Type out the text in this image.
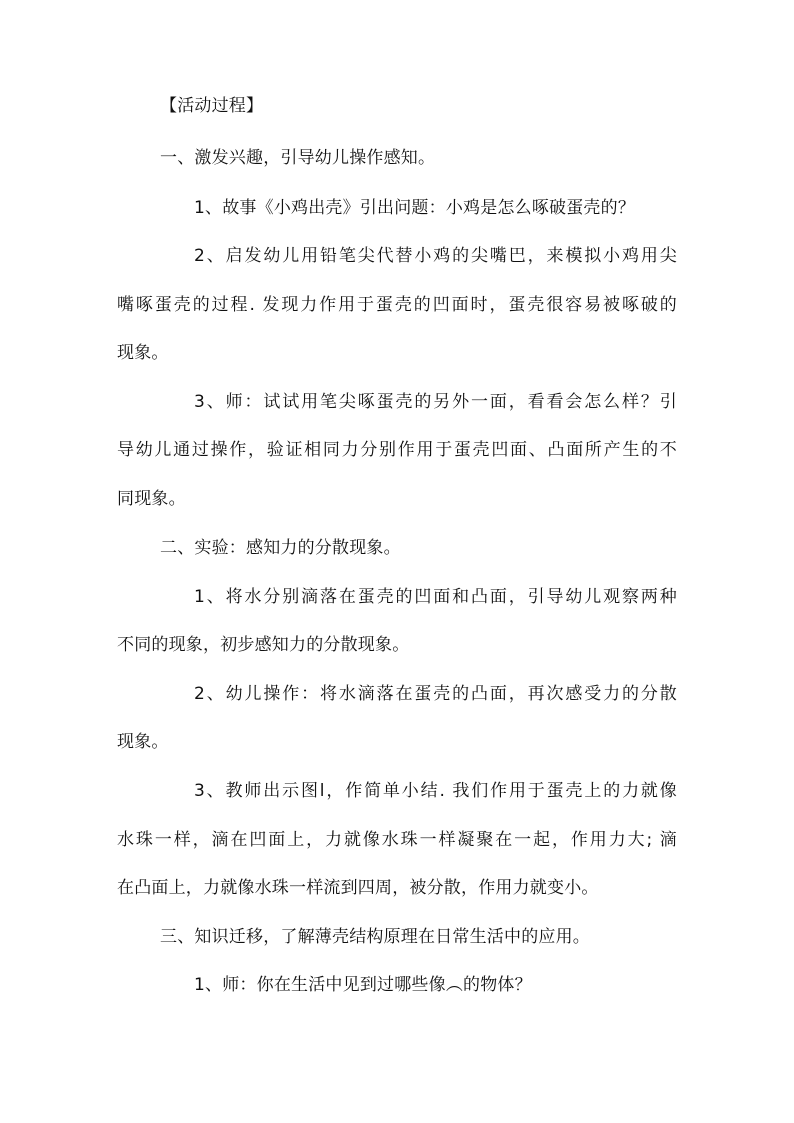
【活动过程】
一、激发兴趣，引导幼儿操作感知。
1、故事《小鸡出壳》引出问题：小鸡是怎么啄破蛋壳的？
2、启发幼儿用铅笔尖代替小鸡的尖嘴巴，来模拟小鸡用尖
嘴啄蛋壳的过程. 发现力作用于蛋壳的凹面时，蛋壳很容易被啄破的
现象。
3、师：试试用笔尖啄蛋壳的另外一面，看看会怎么样？引
导幼儿通过操作，验证相同力分别作用于蛋壳凹面、凸面所产生的不
同现象。
二、实验：感知力的分散现象。
1、将水分别滴落在蛋壳的凹面和凸面，引导幼儿观察两种
不同的现象，初步感知力的分散现象。
2、幼儿操作：将水滴落在蛋壳的凸面，再次感受力的分散
现象。
3、教师出示图l，作简单小结. 我们作用于蛋壳上的力就像
水珠一样，滴在凹面上，力就像水珠一样凝聚在一起，作用力大; 滴
在凸面上，力就像水珠一样流到四周，被分散，作用力就变小。
三、知识迁移，了解薄壳结构原理在日常生活中的应用。
1、师：你在生活中见到过哪些像︵的物体？
